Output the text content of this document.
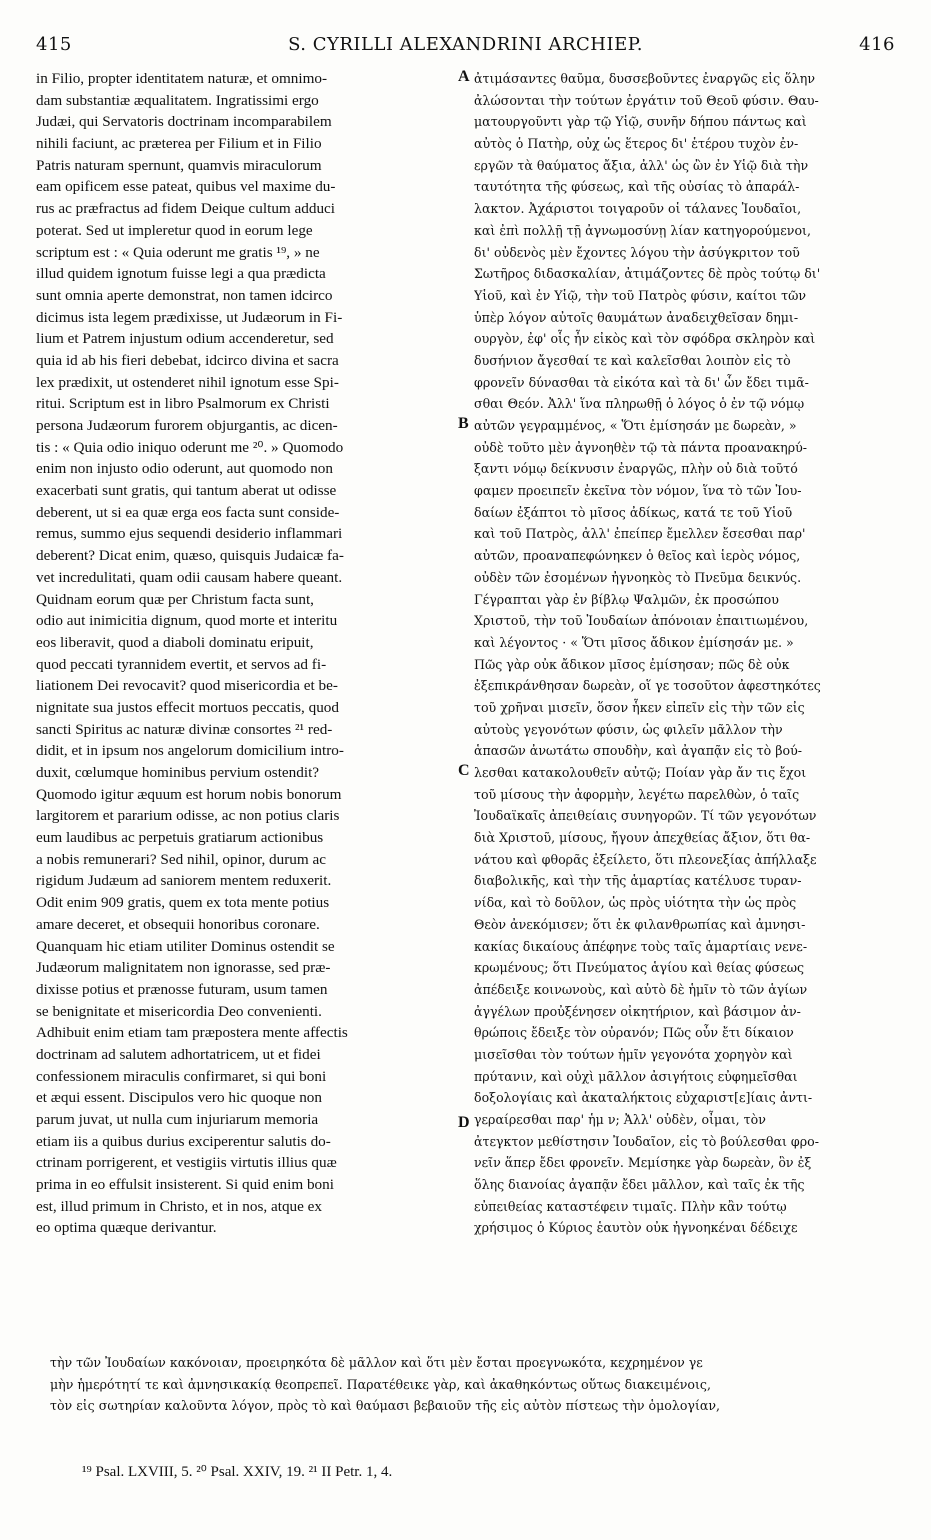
415	S. CYRILLI ALEXANDRINI ARCHIEP.	416
in Filio, propter identitatem naturæ, et omnimo-
dam substantiæ æqualitatem. Ingratissimi ergo
Judæi, qui Servatoris doctrinam incomparabilem
nihili faciunt, ac præterea per Filium et in Filio
Patris naturam spernunt, quamvis miraculorum
eam opificem esse pateat, quibus vel maxime du-
rus ac præfractus ad fidem Deique cultum adduci
poterat. Sed ut impleretur quod in eorum lege
scriptum est : « Quia oderunt me gratis ¹⁹, » ne
illud quidem ignotum fuisse legi a qua prædicta
sunt omnia aperte demonstrat, non tamen idcirco
dicimus ista legem prædixisse, ut Judæorum in Fi-
lium et Patrem injustum odium accenderetur, sed
quia id ab his fieri debebat, idcirco divina et sacra
lex prædixit, ut ostenderet nihil ignotum esse Spi-
ritui. Scriptum est in libro Psalmorum ex Christi
persona Judæorum furorem objurgantis, ac dicen-
tis : « Quia odio iniquo oderunt me ²⁰. » Quomodo
enim non injusto odio oderunt, aut quomodo non
exacerbati sunt gratis, qui tantum aberat ut odisse
deberent, ut si ea quæ erga eos facta sunt conside-
remus, summo ejus sequendi desiderio inflammari
deberent? Dicat enim, quæso, quisquis Judaicæ fa-
vet incredulitati, quam odii causam habere queant.
Quidnam eorum quæ per Christum facta sunt,
odio aut inimicitia dignum, quod morte et interitu
eos liberavit, quod a diaboli dominatu eripuit,
quod peccati tyrannidem evertit, et servos ad fi-
liationem Dei revocavit? quod misericordia et be-
nignitate sua justos effecit mortuos peccatis, quod
sancti Spiritus ac naturæ divinæ consortes ²¹ red-
didit, et in ipsum nos angelorum domicilium intro-
duxit, cœlumque hominibus pervium ostendit?
Quomodo igitur æquum est horum nobis bonorum
largitorem et pararium odisse, ac non potius claris
eum laudibus ac perpetuis gratiarum actionibus
a nobis remunerari? Sed nihil, opinor, durum ac
rigidum Judæum ad saniorem mentem reduxerit.
Odit enim 909 gratis, quem ex tota mente potius
amare deceret, et obsequii honoribus coronare.
Quanquam hic etiam utiliter Dominus ostendit se
Judæorum malignitatem non ignorasse, sed præ-
dixisse potius et prænosse futuram, usum tamen
se benignitate et misericordia Deo convenienti.
Adhibuit enim etiam tam præpostera mente affectis
doctrinam ad salutem adhortatricem, ut et fidei
confessionem miraculis confirmaret, si qui boni
et æqui essent. Discipulos vero hic quoque non
parum juvat, ut nulla cum injuriarum memoria
etiam iis a quibus durius exciperentur salutis do-
ctrinam porrigerent, et vestigiis virtutis illius quæ
prima in eo effulsit insisterent. Si quid enim boni
est, illud primum in Christo, et in nos, atque ex
eo optima quæque derivantur.
ἀτιμάσαντες θαῦμα, δυσσεβοῦντες ἐναργῶς εἰς ὅλην
ἀλώσονται τὴν τούτων ἐργάτιν τοῦ Θεοῦ φύσιν. Θαυ-
ματουργοῦντι γὰρ τῷ Υἱῷ, συνῆν δήπου πάντως καὶ
αὐτὸς ὁ Πατὴρ, οὐχ ὡς ἕτερος δι' ἑτέρου τυχὸν ἐν-
εργῶν τὰ θαύματος ἄξια, ἀλλ' ὡς ὢν ἐν Υἱῷ διὰ τὴν
ταυτότητα τῆς φύσεως, καὶ τῆς οὐσίας τὸ ἀπαράλ-
λακτον. Ἀχάριστοι τοιγαροῦν οἱ τάλανες Ἰουδαῖοι,
καὶ ἐπὶ πολλῇ τῇ ἀγνωμοσύνῃ λίαν κατηγορούμενοι,
δι' οὐδενὸς μὲν ἔχοντες λόγου τὴν ἀσύγκριτον τοῦ
Σωτῆρος διδασκαλίαν, ἀτιμάζοντες δὲ πρὸς τούτῳ δι'
Υἱοῦ, καὶ ἐν Υἱῷ, τὴν τοῦ Πατρὸς φύσιν, καίτοι τῶν
ὑπὲρ λόγον αὐτοῖς θαυμάτων ἀναδειχθεῖσαν δημι-
ουργὸν, ἐφ' οἷς ἦν εἰκὸς καὶ τὸν σφόδρα σκληρὸν καὶ
δυσήνιον ἄγεσθαί τε καὶ καλεῖσθαι λοιπὸν εἰς τὸ
φρονεῖν δύνασθαι τὰ εἰκότα καὶ τὰ δι' ὧν ἔδει τιμᾶ-
σθαι Θεόν. Ἀλλ' ἵνα πληρωθῇ ὁ λόγος ὁ ἐν τῷ νόμῳ
αὐτῶν γεγραμμένος, « Ὅτι ἐμίσησάν με δωρεὰν, »
οὐδὲ τοῦτο μὲν ἀγνοηθὲν τῷ τὰ πάντα προανακηρύ-
ξαντι νόμῳ δείκνυσιν ἐναργῶς, πλὴν οὐ διὰ τοῦτό
φαμεν προειπεῖν ἐκεῖνα τὸν νόμον, ἵνα τὸ τῶν Ἰου-
δαίων ἐξάπτοι τὸ μῖσος ἀδίκως, κατά τε τοῦ Υἱοῦ
καὶ τοῦ Πατρὸς, ἀλλ' ἐπείπερ ἔμελλεν ἔσεσθαι παρ'
αὐτῶν, προαναπεφώνηκεν ὁ θεῖος καὶ ἱερὸς νόμος,
οὐδὲν τῶν ἐσομένων ἠγνοηκὸς τὸ Πνεῦμα δεικνύς.
Γέγραπται γὰρ ἐν βίβλῳ Ψαλμῶν, ἐκ προσώπου
Χριστοῦ, τὴν τοῦ Ἰουδαίων ἀπόνοιαν ἐπαιτιωμένου,
καὶ λέγοντος · « Ὅτι μῖσος ἄδικον ἐμίσησάν με. »
Πῶς γὰρ οὐκ ἄδικον μῖσος ἐμίσησαν; πῶς δὲ οὐκ
ἐξεπικράνθησαν δωρεὰν, οἵ γε τοσοῦτον ἀφεστηκότες
τοῦ χρῆναι μισεῖν, ὅσον ἧκεν εἰπεῖν εἰς τὴν τῶν εἰς
αὐτοὺς γεγονότων φύσιν, ὡς φιλεῖν μᾶλλον τὴν
ἁπασῶν ἀνωτάτω σπουδὴν, καὶ ἀγαπᾷν εἰς τὸ βού-
λεσθαι κατακολουθεῖν αὐτῷ; Ποίαν γὰρ ἄν τις ἔχοι
τοῦ μίσους τὴν ἀφορμὴν, λεγέτω παρελθὼν, ὁ ταῖς
Ἰουδαϊκαῖς ἀπειθείαις συνηγορῶν. Τί τῶν γεγονότων
διὰ Χριστοῦ, μίσους, ἤγουν ἀπεχθείας ἄξιον, ὅτι θα-
νάτου καὶ φθορᾶς ἐξείλετο, ὅτι πλεονεξίας ἀπήλλαξε
διαβολικῆς, καὶ τὴν τῆς ἁμαρτίας κατέλυσε τυραν-
νίδα, καὶ τὸ δοῦλον, ὡς πρὸς υἱότητα τὴν ὡς πρὸς
Θεὸν ἀνεκόμισεν; ὅτι ἐκ φιλανθρωπίας καὶ ἀμνησι-
κακίας δικαίους ἀπέφηνε τοὺς ταῖς ἁμαρτίαις νενε-
κρωμένους; ὅτι Πνεύματος ἁγίου καὶ θείας φύσεως
ἀπέδειξε κοινωνοὺς, καὶ αὐτὸ δὲ ἡμῖν τὸ τῶν ἁγίων
ἀγγέλων προὐξένησεν οἰκητήριον, καὶ βάσιμον ἀν-
θρώποις ἔδειξε τὸν οὐρανόν; Πῶς οὖν ἔτι δίκαιον
μισεῖσθαι τὸν τούτων ἡμῖν γεγονότα χορηγὸν καὶ
πρύτανιν, καὶ οὐχὶ μᾶλλον ἀσιγήτοις εὐφημεῖσθαι
δοξολογίαις καὶ ἀκαταλήκτοις εὐχαριστ[ε]ίαις ἀντι-
γεραίρεσθαι παρ' ἡμ ν; Ἀλλ' οὐδὲν, οἶμαι, τὸν
ἀτεγκτον μεθίστησιν Ἰουδαῖον, εἰς τὸ βούλεσθαι φρο-
νεῖν ἅπερ ἔδει φρονεῖν. Μεμίσηκε γὰρ δωρεὰν, ὃν ἐξ
ὅλης διανοίας ἀγαπᾷν ἔδει μᾶλλον, καὶ ταῖς ἐκ τῆς
εὐπειθείας καταστέφειν τιμαῖς. Πλὴν κἂν τούτῳ
χρήσιμος ὁ Κύριος ἑαυτὸν οὐκ ἠγνοηκέναι δέδειχε
A
B
C
D
τὴν τῶν Ἰουδαίων κακόνοιαν, προειρηκότα δὲ μᾶλλον καὶ ὅτι μὲν ἔσται προεγνωκότα, κεχρημένον γε
μὴν ἡμερότητί τε καὶ ἀμνησικακίᾳ θεοπρεπεῖ. Παρατέθεικε γὰρ, καὶ ἀκαθηκόντως οὕτως διακειμένοις,
τὸν εἰς σωτηρίαν καλοῦντα λόγον, πρὸς τὸ καὶ θαύμασι βεβαιοῦν τῆς εἰς αὐτὸν πίστεως τὴν ὁμολογίαν,
¹⁹ Psal. LXVIII, 5. ²⁰ Psal. XXIV, 19. ²¹ II Petr. 1, 4.
